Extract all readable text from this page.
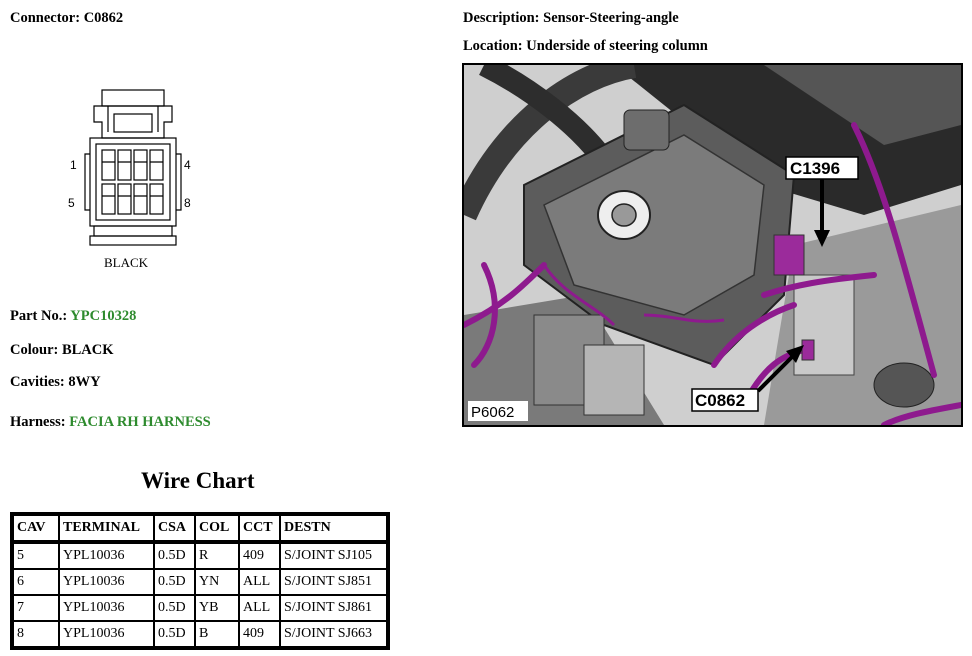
Connector: C0862	Description: Sensor-Steering-angle
Location: Underside of steering column
1	4
5	8
BLACK
Part No.: YPC10328
Colour: BLACK
Cavities: 8WY
Harness: FACIA RH HARNESS
Wire Chart
CAV	TERMINAL	CSA	COL	CCT	DESTN
5	YPL10036	0.5D	R	409	S/JOINT SJ105
6	YPL10036	0.5D	YN	ALL	S/JOINT SJ851
7	YPL10036	0.5D	YB	ALL	S/JOINT SJ861
8	YPL10036	0.5D	B	409	S/JOINT SJ663
C1396
C0862
P6062
